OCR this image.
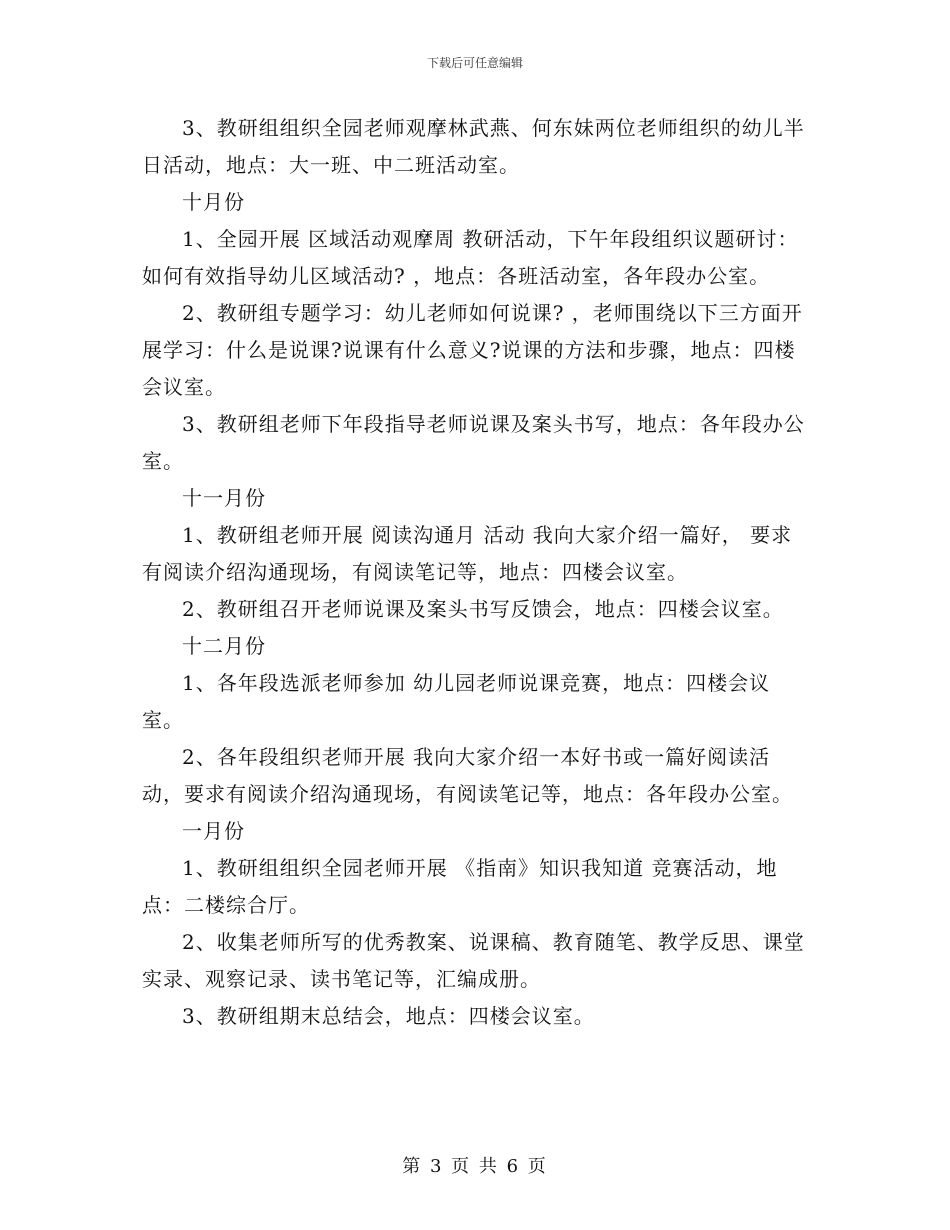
下载后可任意编辑

3、教研组组织全园老师观摩林武燕、何东妹两位老师组织的幼儿半日活动，地点：大一班、中二班活动室。

十月份

1、全园开展 区域活动观摩周 教研活动，下午年段组织议题研讨：如何有效指导幼儿区域活动? ，地点：各班活动室，各年段办公室。

2、教研组专题学习：幼儿老师如何说课? ，老师围绕以下三方面开展学习：什么是说课?说课有什么意义?说课的方法和步骤，地点：四楼会议室。

3、教研组老师下年段指导老师说课及案头书写，地点：各年段办公室。

十一月份

1、教研组老师开展 阅读沟通月 活动 我向大家介绍一篇好， 要求有阅读介绍沟通现场，有阅读笔记等，地点：四楼会议室。

2、教研组召开老师说课及案头书写反馈会，地点：四楼会议室。

十二月份

1、各年段选派老师参加 幼儿园老师说课竞赛，地点：四楼会议室。

2、各年段组织老师开展 我向大家介绍一本好书或一篇好阅读活动，要求有阅读介绍沟通现场，有阅读笔记等，地点：各年段办公室。

一月份

1、教研组组织全园老师开展 《指南》知识我知道 竞赛活动，地点：二楼综合厅。

2、收集老师所写的优秀教案、说课稿、教育随笔、教学反思、课堂实录、观察记录、读书笔记等，汇编成册。

3、教研组期末总结会，地点：四楼会议室。

第 3 页 共 6 页
